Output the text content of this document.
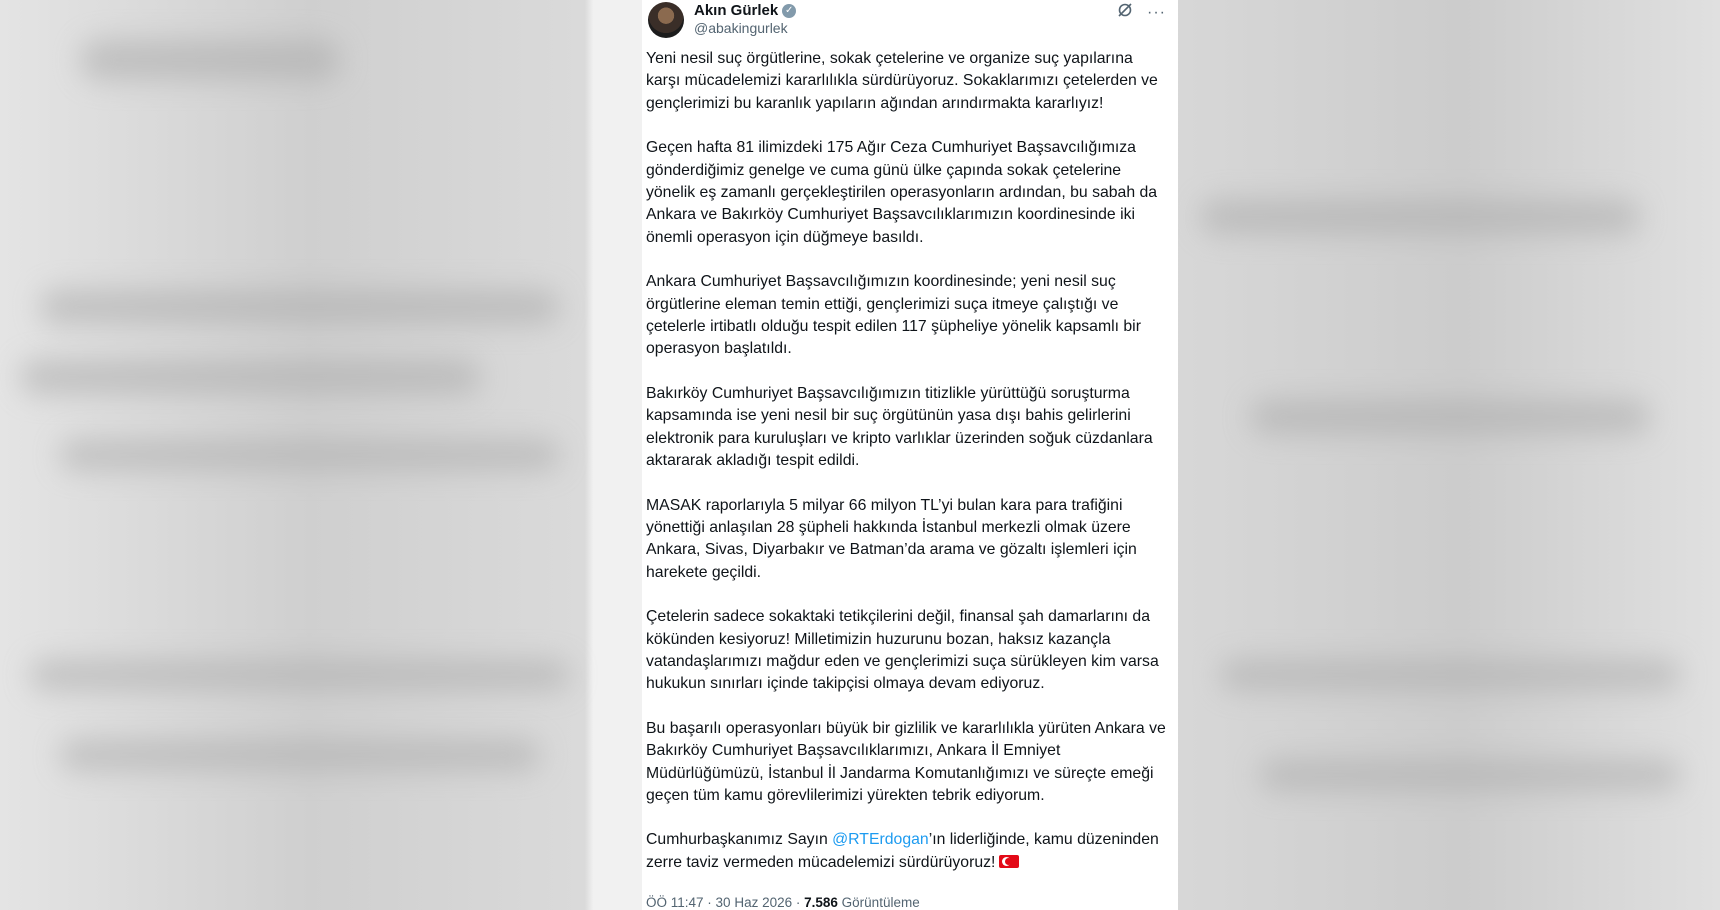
Akın Gürlek ✓
@abakingurlek
···

Yeni nesil suç örgütlerine, sokak çetelerine ve organize suç yapılarına karşı mücadelemizi kararlılıkla sürdürüyoruz. Sokaklarımızı çetelerden ve gençlerimizi bu karanlık yapıların ağından arındırmakta kararlıyız!

Geçen hafta 81 ilimizdeki 175 Ağır Ceza Cumhuriyet Başsavcılığımıza gönderdiğimiz genelge ve cuma günü ülke çapında sokak çetelerine yönelik eş zamanlı gerçekleştirilen operasyonların ardından, bu sabah da Ankara ve Bakırköy Cumhuriyet Başsavcılıklarımızın koordinesinde iki önemli operasyon için düğmeye basıldı.

Ankara Cumhuriyet Başsavcılığımızın koordinesinde; yeni nesil suç örgütlerine eleman temin ettiği, gençlerimizi suça itmeye çalıştığı ve çetelerle irtibatlı olduğu tespit edilen 117 şüpheliye yönelik kapsamlı bir operasyon başlatıldı.

Bakırköy Cumhuriyet Başsavcılığımızın titizlikle yürüttüğü soruşturma kapsamında ise yeni nesil bir suç örgütünün yasa dışı bahis gelirlerini elektronik para kuruluşları ve kripto varlıklar üzerinden soğuk cüzdanlara aktararak akladığı tespit edildi.

MASAK raporlarıyla 5 milyar 66 milyon TL’yi bulan kara para trafiğini yönettiği anlaşılan 28 şüpheli hakkında İstanbul merkezli olmak üzere Ankara, Sivas, Diyarbakır ve Batman’da arama ve gözaltı işlemleri için harekete geçildi.

Çetelerin sadece sokaktaki tetikçilerini değil, finansal şah damarlarını da kökünden kesiyoruz! Milletimizin huzurunu bozan, haksız kazançla vatandaşlarımızı mağdur eden ve gençlerimizi suça sürükleyen kim varsa hukukun sınırları içinde takipçisi olmaya devam ediyoruz.

Bu başarılı operasyonları büyük bir gizlilik ve kararlılıkla yürüten Ankara ve Bakırköy Cumhuriyet Başsavcılıklarımızı, Ankara İl Emniyet Müdürlüğümüzü, İstanbul İl Jandarma Komutanlığımızı ve süreçte emeği geçen tüm kamu görevlilerimizi yürekten tebrik ediyorum.

Cumhurbaşkanımız Sayın @RTErdogan’ın liderliğinde, kamu düzeninden zerre taviz vermeden mücadelemizi sürdürüyoruz!

ÖÖ 11:47 · 30 Haz 2026 · 7.586 Görüntüleme
